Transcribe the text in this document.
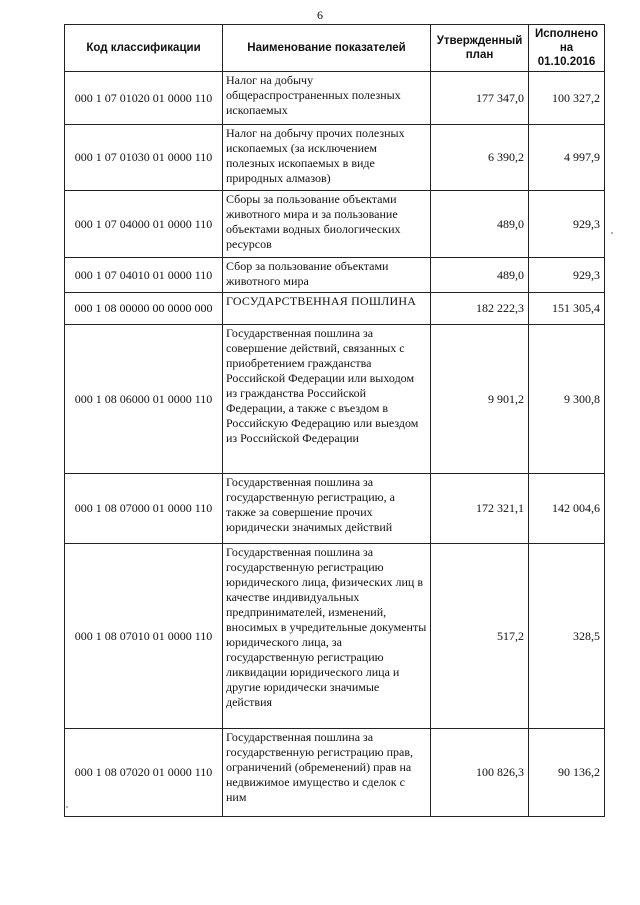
6
Код классификации	Наименование показателей	Утвержденный план	Исполнено на 01.10.2016
000 1 07 01020 01 0000 110	Налог на добычу общераспространенных полезных ископаемых	177 347,0	100 327,2
000 1 07 01030 01 0000 110	Налог на добычу прочих полезных ископаемых (за исключением полезных ископаемых в виде природных алмазов)	6 390,2	4 997,9
000 1 07 04000 01 0000 110	Сборы за пользование объектами животного мира и за пользование объектами водных биологических ресурсов	489,0	929,3
000 1 07 04010 01 0000 110	Сбор за пользование объектами животного мира	489,0	929,3
000 1 08 00000 00 0000 000	ГОСУДАРСТВЕННАЯ ПОШЛИНА	182 222,3	151 305,4
000 1 08 06000 01 0000 110	Государственная пошлина за совершение действий, связанных с приобретением гражданства Российской Федерации или выходом из гражданства Российской Федерации, а также с въездом в Российскую Федерацию или выездом из Российской Федерации	9 901,2	9 300,8
000 1 08 07000 01 0000 110	Государственная пошлина за государственную регистрацию, а также за совершение прочих юридически значимых действий	172 321,1	142 004,6
000 1 08 07010 01 0000 110	Государственная пошлина за государственную регистрацию юридического лица, физических лиц в качестве индивидуальных предпринимателей, изменений, вносимых в учредительные документы юридического лица, за государственную регистрацию ликвидации юридического лица и другие юридически значимые действия	517,2	328,5
000 1 08 07020 01 0000 110	Государственная пошлина за государственную регистрацию прав, ограничений (обременений) прав на недвижимое имущество и сделок с ним	100 826,3	90 136,2
